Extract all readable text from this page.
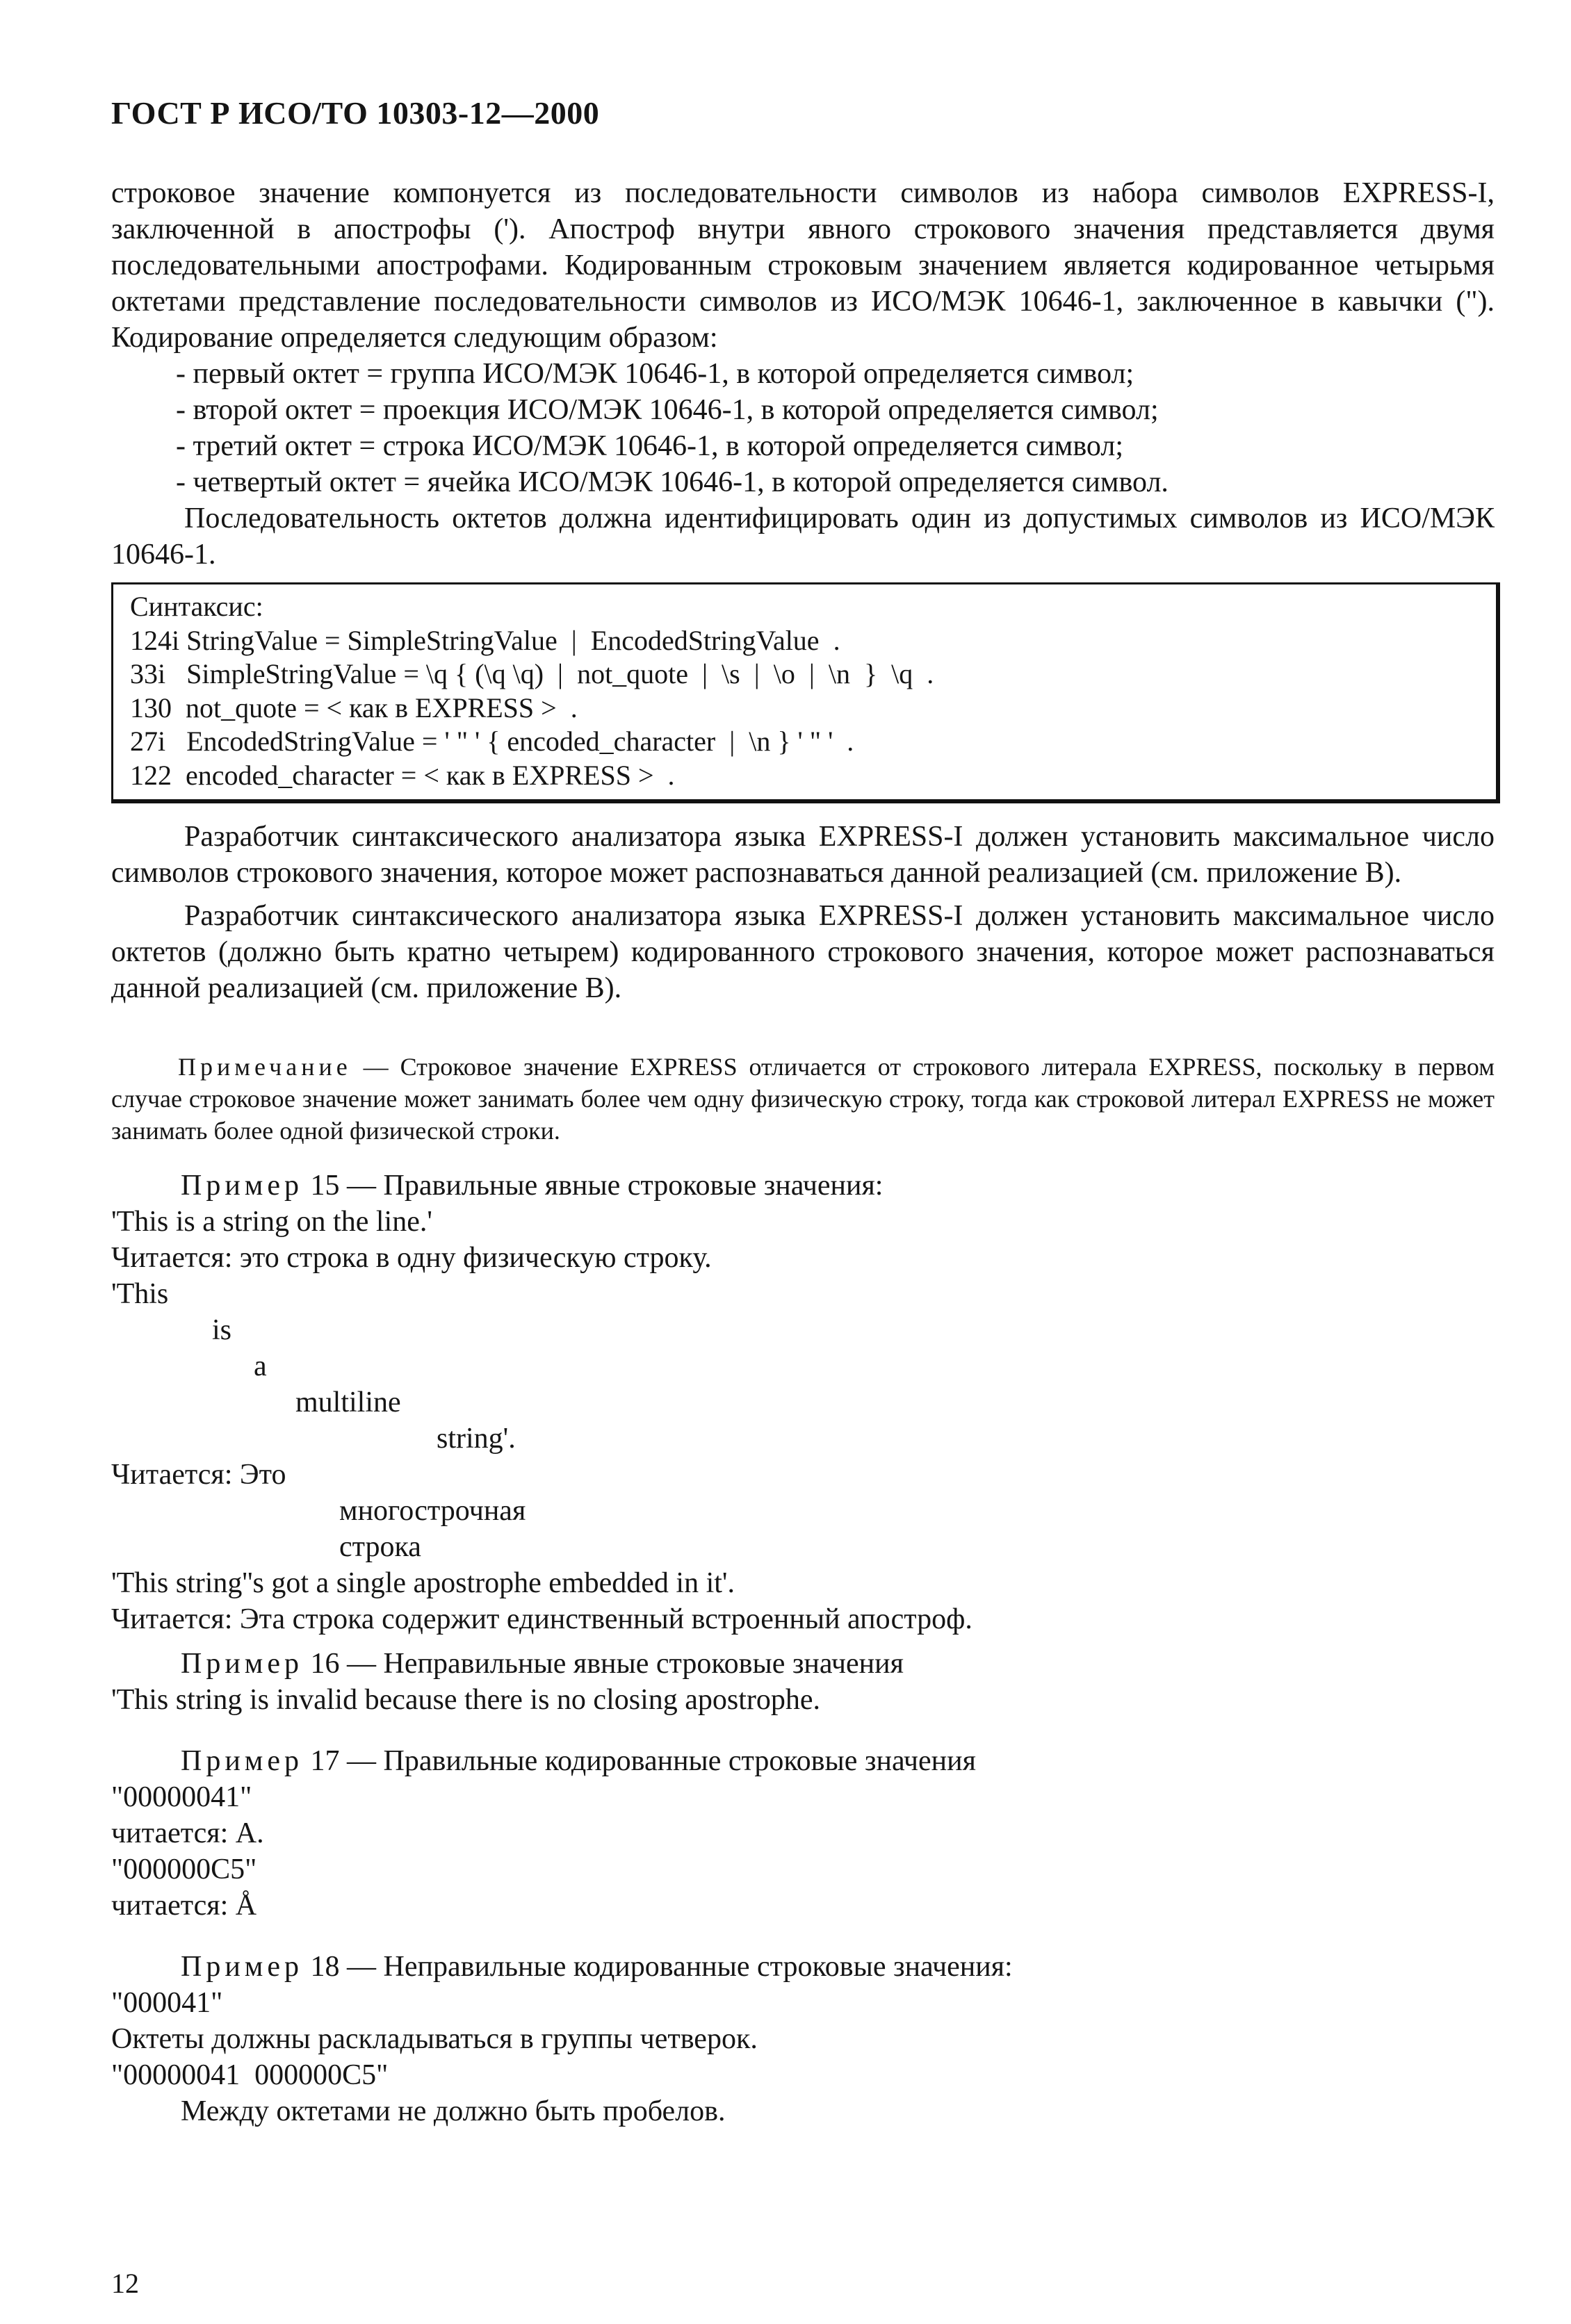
ГОСТ Р ИСО/ТО 10303-12—2000

строковое значение компонуется из последовательности символов из набора символов EXPRESS-I, заключенной в апострофы ('). Апостроф внутри явного строкового значения представляется двумя последовательными апострофами. Кодированным строковым значением является кодированное четырьмя октетами представление последовательности символов из ИСО/МЭК 10646-1, заключенное в кавычки ("). Кодирование определяется следующим образом:

- первый октет = группа ИСО/МЭК 10646-1, в которой определяется символ;

- второй октет = проекция ИСО/МЭК 10646-1, в которой определяется символ;

- третий октет = строка ИСО/МЭК 10646-1, в которой определяется символ;

- четвертый октет = ячейка ИСО/МЭК 10646-1, в которой определяется символ.

Последовательность октетов должна идентифицировать один из допустимых символов из ИСО/МЭК 10646-1.

Синтаксис:

124i StringValue = SimpleStringValue  |  EncodedStringValue  .

33i   SimpleStringValue = \q { (\q \q)  |  not_quote  |  \s  |  \o  |  \n  }  \q  .

130  not_quote = < как в EXPRESS >  .

27i   EncodedStringValue = ' " ' { encoded_character  |  \n } ' " '  .

122  encoded_character = < как в EXPRESS >  .

Разработчик синтаксического анализатора языка EXPRESS-I должен установить максимальное число символов строкового значения, которое может распознаваться данной реализацией (см. приложение В).

Разработчик синтаксического анализатора языка EXPRESS-I должен установить максимальное число октетов (должно быть кратно четырем) кодированного строкового значения, которое может распознаваться данной реализацией (см. приложение В).

Примечание — Строковое значение EXPRESS отличается от строкового литерала EXPRESS, поскольку в первом случае строковое значение может занимать более чем одну физическую строку, тогда как строковой литерал EXPRESS не может занимать более одной физической строки.
Пример 15 — Правильные явные строковые значения:

'This is a string on the line.'

Читается: это строка в одну физическую строку.

'This

is

a

multiline

string'.

Читается: Это

многострочная

строка

'This string''s got a single apostrophe embedded in it'.

Читается: Эта строка содержит единственный встроенный апостроф.

Пример 16 — Неправильные явные строковые значения

'This string is invalid because there is no closing apostrophe.

Пример 17 — Правильные кодированные строковые значения

"00000041"

читается: А.

"000000C5"

читается: Å

Пример 18 — Неправильные кодированные строковые значения:

"000041"

Октеты должны раскладываться в группы четверок.

"00000041  000000C5"

Между октетами не должно быть пробелов.

12
